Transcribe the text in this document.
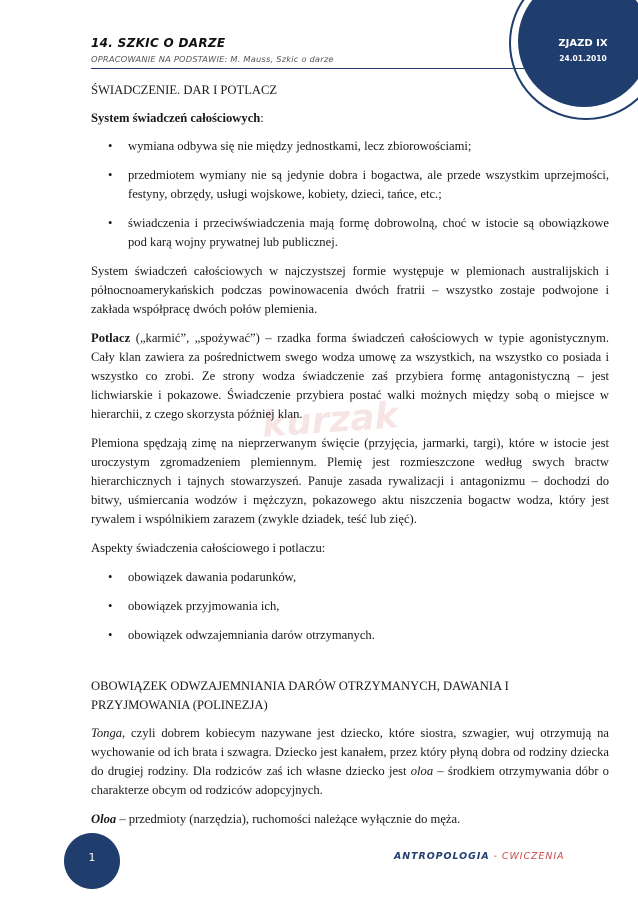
ZJAZD IX
24.01.2010
14. SZKIC O DARZE
OPRACOWANIE NA PODSTAWIE: M. Mauss, Szkic o darze
kurzak

ŚWIADCZENIE. DAR I POTLACZ

System świadczeń całościowych:

• wymiana odbywa się nie między jednostkami, lecz zbiorowościami;
• przedmiotem wymiany nie są jedynie dobra i bogactwa, ale przede wszystkim uprzejmości, festyny, obrzędy, usługi wojskowe, kobiety, dzieci, tańce, etc.;
• świadczenia i przeciwświadczenia mają formę dobrowolną, choć w istocie są obowiązkowe pod karą wojny prywatnej lub publicznej.

System świadczeń całościowych w najczystszej formie występuje w plemionach australijskich i północnoamerykańskich podczas powinowacenia dwóch fratrii – wszystko zostaje podwojone i zakłada współpracę dwóch połów plemienia.

Potlacz („karmić”, „spożywać”) – rzadka forma świadczeń całościowych w typie agonistycznym. Cały klan zawiera za pośrednictwem swego wodza umowę za wszystkich, na wszystko co posiada i wszystko co zrobi. Ze strony wodza świadczenie zaś przybiera formę antagonistyczną – jest lichwiarskie i pokazowe. Świadczenie przybiera postać walki możnych między sobą o miejsce w hierarchii, z czego skorzysta później klan.

Plemiona spędzają zimę na nieprzerwanym święcie (przyjęcia, jarmarki, targi), które w istocie jest uroczystym zgromadzeniem plemiennym. Plemię jest rozmieszczone według swych bractw hierarchicznych i tajnych stowarzyszeń. Panuje zasada rywalizacji i antagonizmu – dochodzi do bitwy, uśmiercania wodzów i mężczyzn, pokazowego aktu niszczenia bogactw wodza, który jest rywalem i wspólnikiem zarazem (zwykle dziadek, teść lub zięć).

Aspekty świadczenia całościowego i potlaczu:

• obowiązek dawania podarunków,
• obowiązek przyjmowania ich,
• obowiązek odwzajemniania darów otrzymanych.

OBOWIĄZEK ODWZAJEMNIANIA DARÓW OTRZYMANYCH, DAWANIA I PRZYJMOWANIA (POLINEZJA)

Tonga, czyli dobrem kobiecym nazywane jest dziecko, które siostra, szwagier, wuj otrzymują na wychowanie od ich brata i szwagra. Dziecko jest kanałem, przez który płyną dobra od rodziny dziecka do drugiej rodziny. Dla rodziców zaś ich własne dziecko jest oloa – środkiem otrzymywania dóbr o charakterze obcym od rodziców adopcyjnych.

Oloa – przedmioty (narzędzia), ruchomości należące wyłącznie do męża.

1	ANTROPOLOGIA - CWICZENIA
